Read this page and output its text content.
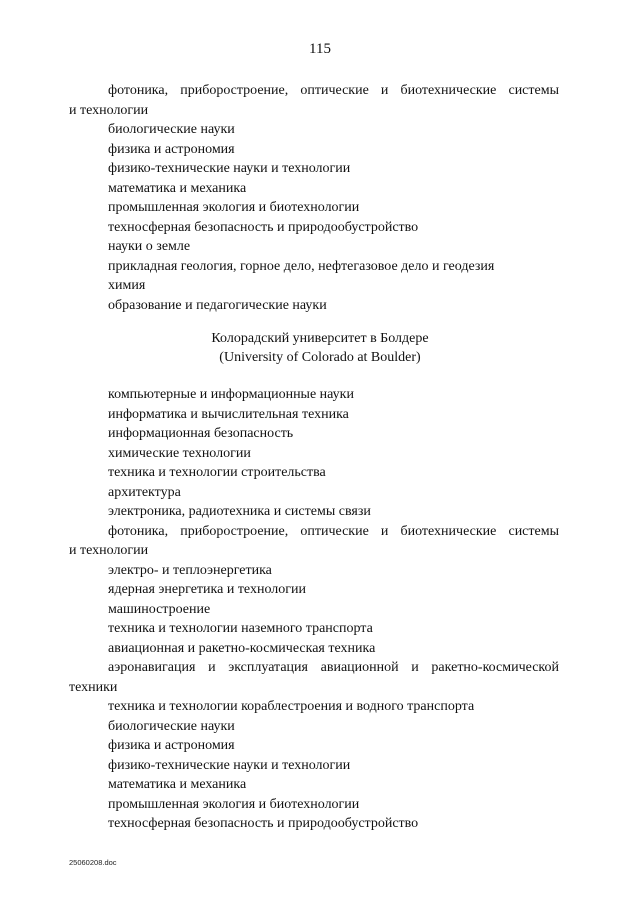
115
фотоника, приборостроение, оптические и биотехнические системы
и технологии
биологические науки
физика и астрономия
физико-технические науки и технологии
математика и механика
промышленная экология и биотехнологии
техносферная безопасность и природообустройство
науки о земле
прикладная геология, горное дело, нефтегазовое дело и геодезия
химия
образование и педагогические науки
Колорадский университет в Болдере
(University of Colorado at Boulder)
компьютерные и информационные науки
информатика и вычислительная техника
информационная безопасность
химические технологии
техника и технологии строительства
архитектура
электроника, радиотехника и системы связи
фотоника, приборостроение, оптические и биотехнические системы
и технологии
электро- и теплоэнергетика
ядерная энергетика и технологии
машиностроение
техника и технологии наземного транспорта
авиационная и ракетно-космическая техника
аэронавигация и эксплуатация авиационной и ракетно-космической
техники
техника и технологии кораблестроения и водного транспорта
биологические науки
физика и астрономия
физико-технические науки и технологии
математика и механика
промышленная экология и биотехнологии
техносферная безопасность и природообустройство
25060208.doc
